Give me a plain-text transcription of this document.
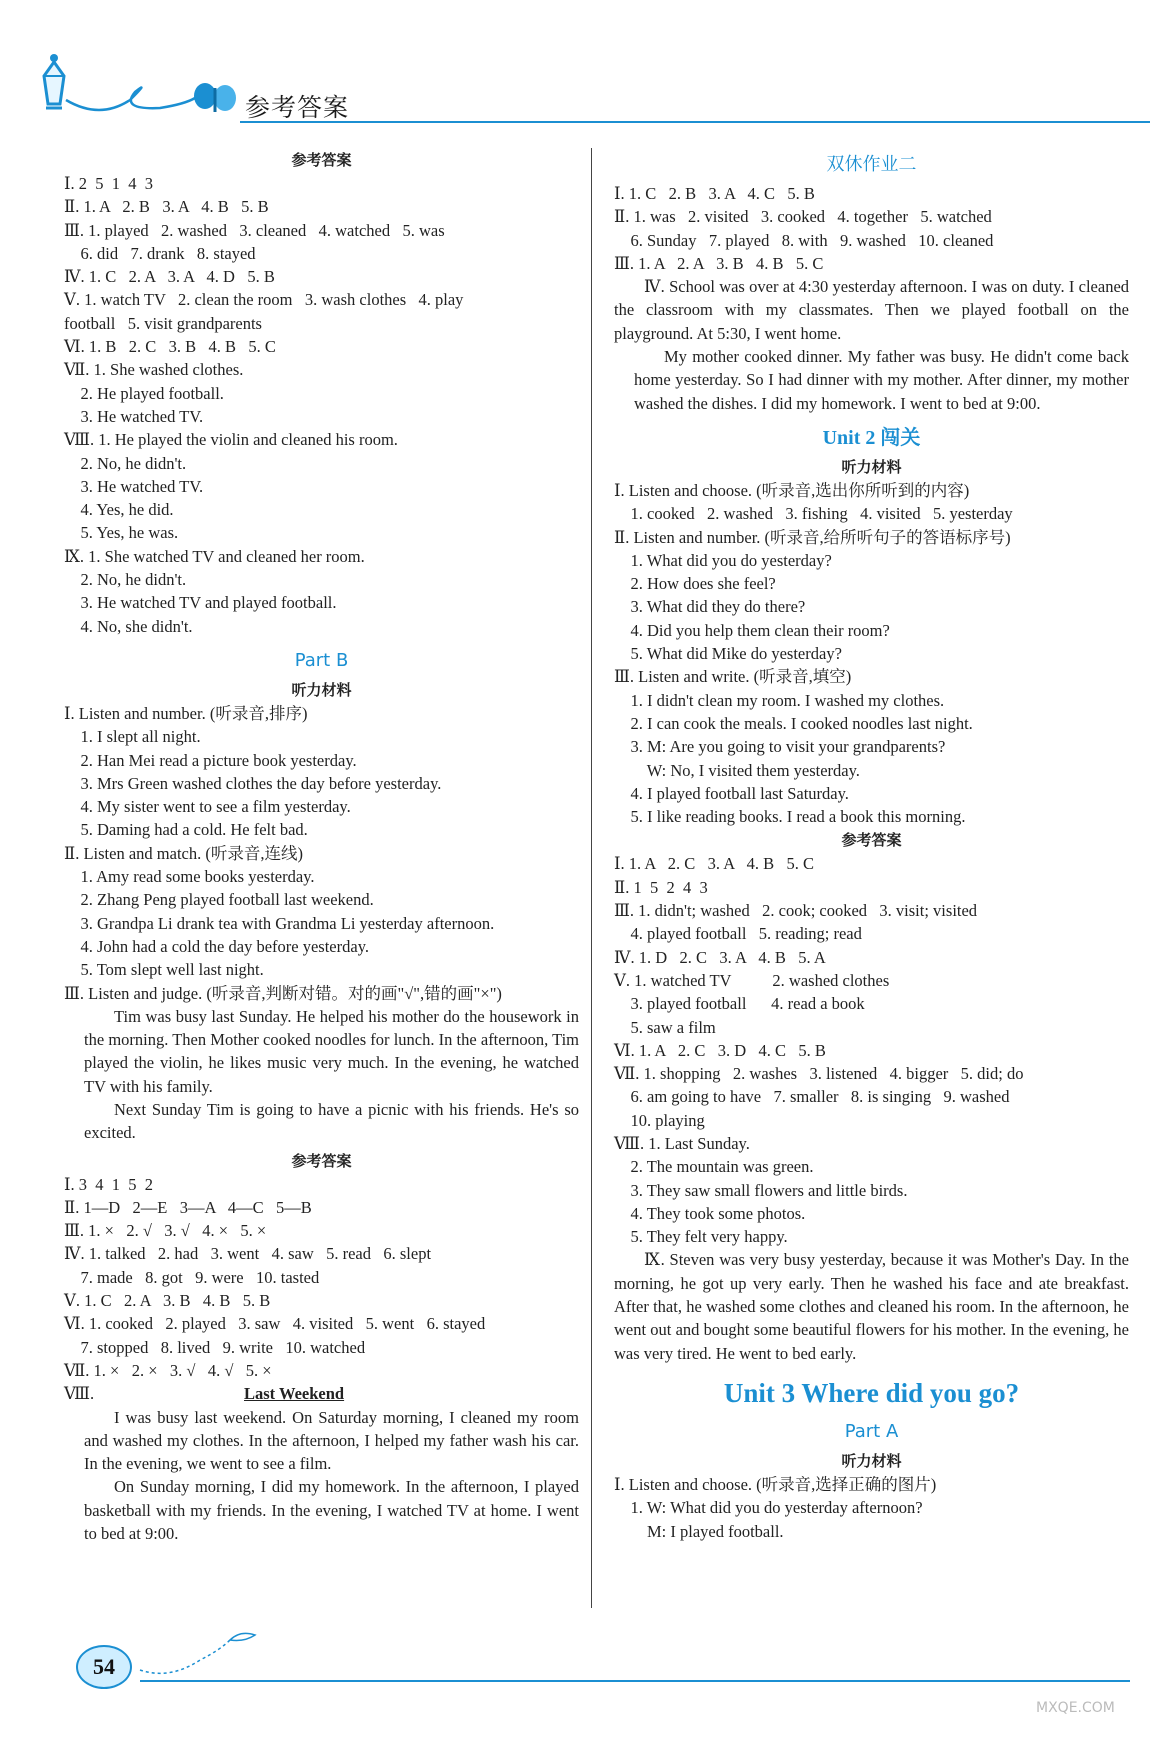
参考答案
参考答案
Ⅰ. 2  5  1  4  3
Ⅱ. 1. A   2. B   3. A   4. B   5. B
Ⅲ. 1. played   2. washed   3. cleaned   4. watched   5. was
6. did   7. drank   8. stayed
Ⅳ. 1. C   2. A   3. A   4. D   5. B
Ⅴ. 1. watch TV   2. clean the room   3. wash clothes   4. play
football   5. visit grandparents
Ⅵ. 1. B   2. C   3. B   4. B   5. C
Ⅶ. 1. She washed clothes.
2. He played football.
3. He watched TV.
Ⅷ. 1. He played the violin and cleaned his room.
2. No, he didn't.
3. He watched TV.
4. Yes, he did.
5. Yes, he was.
Ⅸ. 1. She watched TV and cleaned her room.
2. No, he didn't.
3. He watched TV and played football.
4. No, she didn't.
Part B
听力材料
Ⅰ. Listen and number. (听录音,排序)
1. I slept all night.
2. Han Mei read a picture book yesterday.
3. Mrs Green washed clothes the day before yesterday.
4. My sister went to see a film yesterday.
5. Daming had a cold. He felt bad.
Ⅱ. Listen and match. (听录音,连线)
1. Amy read some books yesterday.
2. Zhang Peng played football last weekend.
3. Grandpa Li drank tea with Grandma Li yesterday afternoon.
4. John had a cold the day before yesterday.
5. Tom slept well last night.
Ⅲ. Listen and judge. (听录音,判断对错。对的画"√",错的画"×")
Tim was busy last Sunday. He helped his mother do the housework in the morning. Then Mother cooked noodles for lunch. In the afternoon, Tim played the violin, he likes music very much. In the evening, he watched TV with his family.
Next Sunday Tim is going to have a picnic with his friends. He's so excited.
参考答案
Ⅰ. 3  4  1  5  2
Ⅱ. 1—D   2—E   3—A   4—C   5—B
Ⅲ. 1. ×   2. √   3. √   4. ×   5. ×
Ⅳ. 1. talked   2. had   3. went   4. saw   5. read   6. slept
7. made   8. got   9. were   10. tasted
Ⅴ. 1. C   2. A   3. B   4. B   5. B
Ⅵ. 1. cooked   2. played   3. saw   4. visited   5. went   6. stayed
7. stopped   8. lived   9. write   10. watched
Ⅶ. 1. ×   2. ×   3. √   4. √   5. ×
Ⅷ.	Last Weekend
I was busy last weekend. On Saturday morning, I cleaned my room and washed my clothes. In the afternoon, I helped my father wash his car. In the evening, we went to see a film.
On Sunday morning, I did my homework. In the afternoon, I played basketball with my friends. In the evening, I watched TV at home. I went to bed at 9:00.
双休作业二
Ⅰ. 1. C   2. B   3. A   4. C   5. B
Ⅱ. 1. was   2. visited   3. cooked   4. together   5. watched
6. Sunday   7. played   8. with   9. washed   10. cleaned
Ⅲ. 1. A   2. A   3. B   4. B   5. C
Ⅳ. School was over at 4:30 yesterday afternoon. I was on duty. I cleaned the classroom with my classmates. Then we played football on the playground. At 5:30, I went home.
My mother cooked dinner. My father was busy. He didn't come back home yesterday. So I had dinner with my mother. After dinner, my mother washed the dishes. I did my homework. I went to bed at 9:00.
Unit 2 闯关
听力材料
Ⅰ. Listen and choose. (听录音,选出你所听到的内容)
1. cooked   2. washed   3. fishing   4. visited   5. yesterday
Ⅱ. Listen and number. (听录音,给所听句子的答语标序号)
1. What did you do yesterday?
2. How does she feel?
3. What did they do there?
4. Did you help them clean their room?
5. What did Mike do yesterday?
Ⅲ. Listen and write. (听录音,填空)
1. I didn't clean my room. I washed my clothes.
2. I can cook the meals. I cooked noodles last night.
3. M: Are you going to visit your grandparents?
W: No, I visited them yesterday.
4. I played football last Saturday.
5. I like reading books. I read a book this morning.
参考答案
Ⅰ. 1. A   2. C   3. A   4. B   5. C
Ⅱ. 1  5  2  4  3
Ⅲ. 1. didn't; washed   2. cook; cooked   3. visit; visited
4. played football   5. reading; read
Ⅳ. 1. D   2. C   3. A   4. B   5. A
Ⅴ. 1. watched TV          2. washed clothes
3. played football      4. read a book
5. saw a film
Ⅵ. 1. A   2. C   3. D   4. C   5. B
Ⅶ. 1. shopping   2. washes   3. listened   4. bigger   5. did; do
6. am going to have   7. smaller   8. is singing   9. washed
10. playing
Ⅷ. 1. Last Sunday.
2. The mountain was green.
3. They saw small flowers and little birds.
4. They took some photos.
5. They felt very happy.
Ⅸ. Steven was very busy yesterday, because it was Mother's Day. In the morning, he got up very early. Then he washed his face and ate breakfast. After that, he washed some clothes and cleaned his room. In the afternoon, he went out and bought some beautiful flowers for his mother. In the evening, he was very tired. He went to bed early.
Unit 3 Where did you go?
Part A
听力材料
Ⅰ. Listen and choose. (听录音,选择正确的图片)
1. W: What did you do yesterday afternoon?
M: I played football.
54
MXQE.COM
